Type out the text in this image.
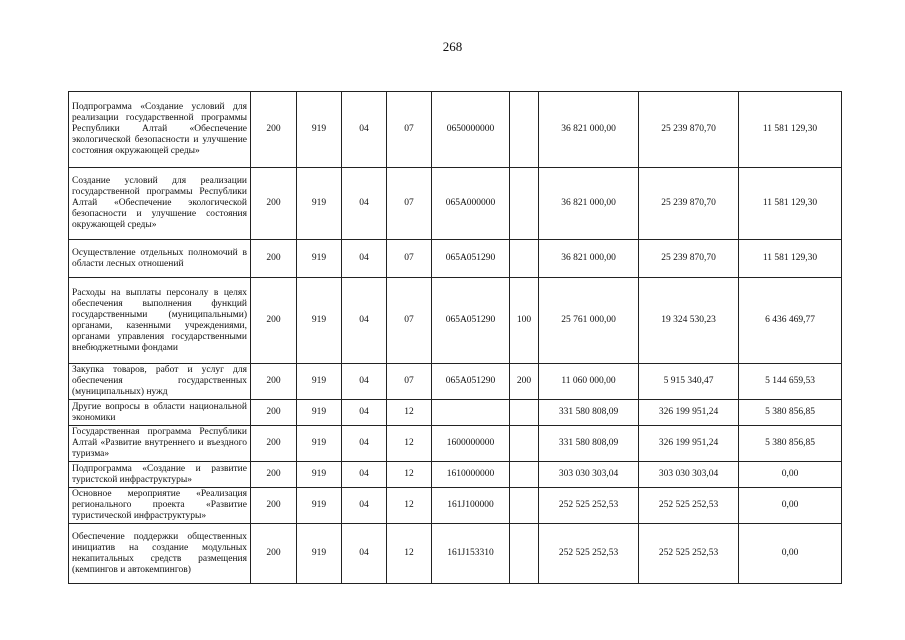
268
Подпрограмма «Создание условий для реализации государственной программы Республики Алтай «Обеспечение экологической безопасности и улучшение состояния окружающей среды»	200	919	04	07	0650000000		36 821 000,00	25 239 870,70	11 581 129,30
Создание условий для реализации государственной программы Республики Алтай «Обеспечение экологической безопасности и улучшение состояния окружающей среды»	200	919	04	07	065A000000		36 821 000,00	25 239 870,70	11 581 129,30
Осуществление отдельных полномочий в области лесных отношений	200	919	04	07	065A051290		36 821 000,00	25 239 870,70	11 581 129,30
Расходы на выплаты персоналу в целях обеспечения выполнения функций государственными (муниципальными) органами, казенными учреждениями, органами управления государственными внебюджетными фондами	200	919	04	07	065A051290	100	25 761 000,00	19 324 530,23	6 436 469,77
Закупка товаров, работ и услуг для обеспечения государственных (муниципальных) нужд	200	919	04	07	065A051290	200	11 060 000,00	5 915 340,47	5 144 659,53
Другие вопросы в области национальной экономики	200	919	04	12			331 580 808,09	326 199 951,24	5 380 856,85
Государственная программа Республики Алтай «Развитие внутреннего и въездного туризма»	200	919	04	12	1600000000		331 580 808,09	326 199 951,24	5 380 856,85
Подпрограмма «Создание и развитие туристской инфраструктуры»	200	919	04	12	1610000000		303 030 303,04	303 030 303,04	0,00
Основное мероприятие «Реализация регионального проекта «Развитие туристической инфраструктуры»	200	919	04	12	161J100000		252 525 252,53	252 525 252,53	0,00
Обеспечение поддержки общественных инициатив на создание модульных некапитальных средств размещения (кемпингов и автокемпингов)	200	919	04	12	161J153310		252 525 252,53	252 525 252,53	0,00
